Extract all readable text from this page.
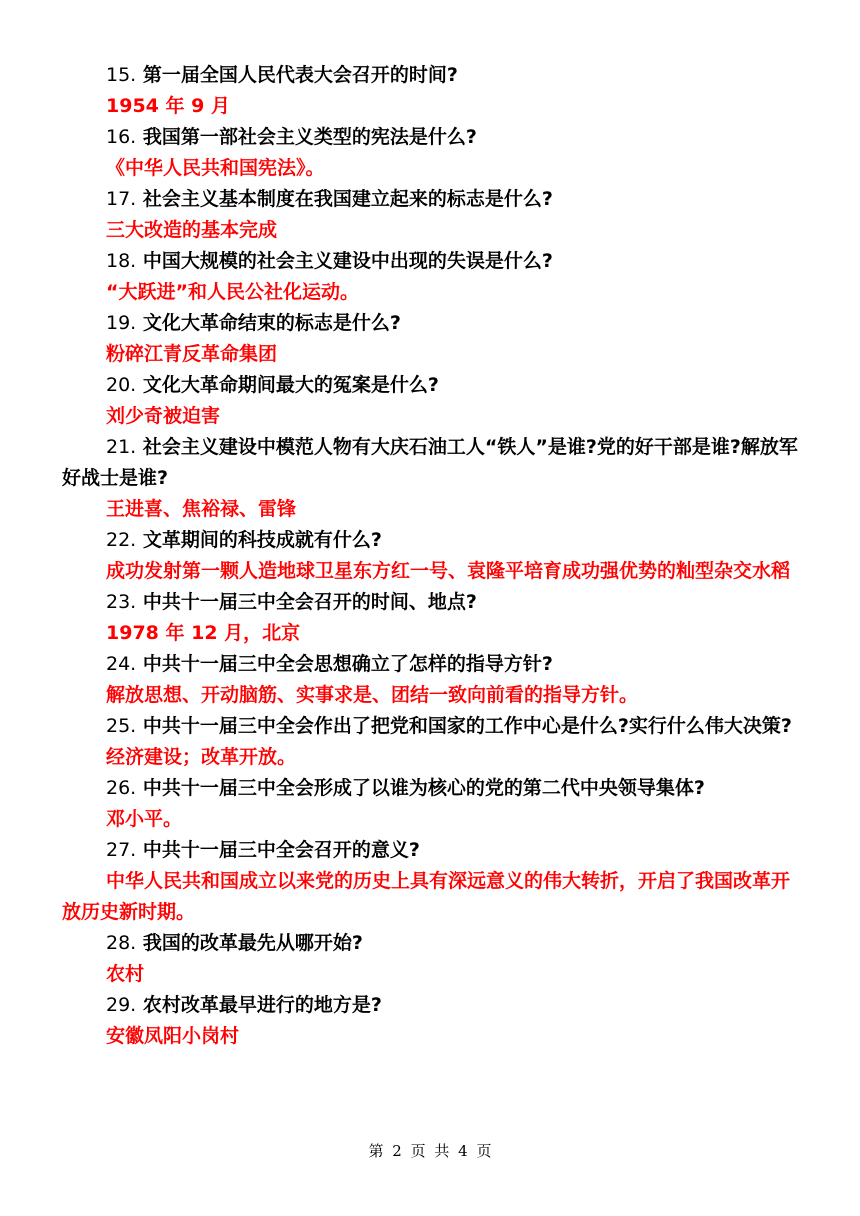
15. 第一届全国人民代表大会召开的时间?

1954 年 9 月

16. 我国第一部社会主义类型的宪法是什么?

《中华人民共和国宪法》。

17. 社会主义基本制度在我国建立起来的标志是什么?

三大改造的基本完成

18. 中国大规模的社会主义建设中出现的失误是什么?

“大跃进”和人民公社化运动。

19. 文化大革命结束的标志是什么?

粉碎江青反革命集团

20. 文化大革命期间最大的冤案是什么?

刘少奇被迫害

21. 社会主义建设中模范人物有大庆石油工人“铁人”是谁?党的好干部是谁?解放军好战士是谁?

王进喜、焦裕禄、雷锋

22. 文革期间的科技成就有什么?

成功发射第一颗人造地球卫星东方红一号、袁隆平培育成功强优势的籼型杂交水稻

23. 中共十一届三中全会召开的时间、地点?

1978 年 12 月，北京

24. 中共十一届三中全会思想确立了怎样的指导方针?

解放思想、开动脑筋、实事求是、团结一致向前看的指导方针。

25. 中共十一届三中全会作出了把党和国家的工作中心是什么?实行什么伟大决策?

经济建设；改革开放。

26. 中共十一届三中全会形成了以谁为核心的党的第二代中央领导集体?

邓小平。

27. 中共十一届三中全会召开的意义?

中华人民共和国成立以来党的历史上具有深远意义的伟大转折，开启了我国改革开放历史新时期。

28. 我国的改革最先从哪开始?

农村

29. 农村改革最早进行的地方是?

安徽凤阳小岗村

第 2 页 共 4 页
